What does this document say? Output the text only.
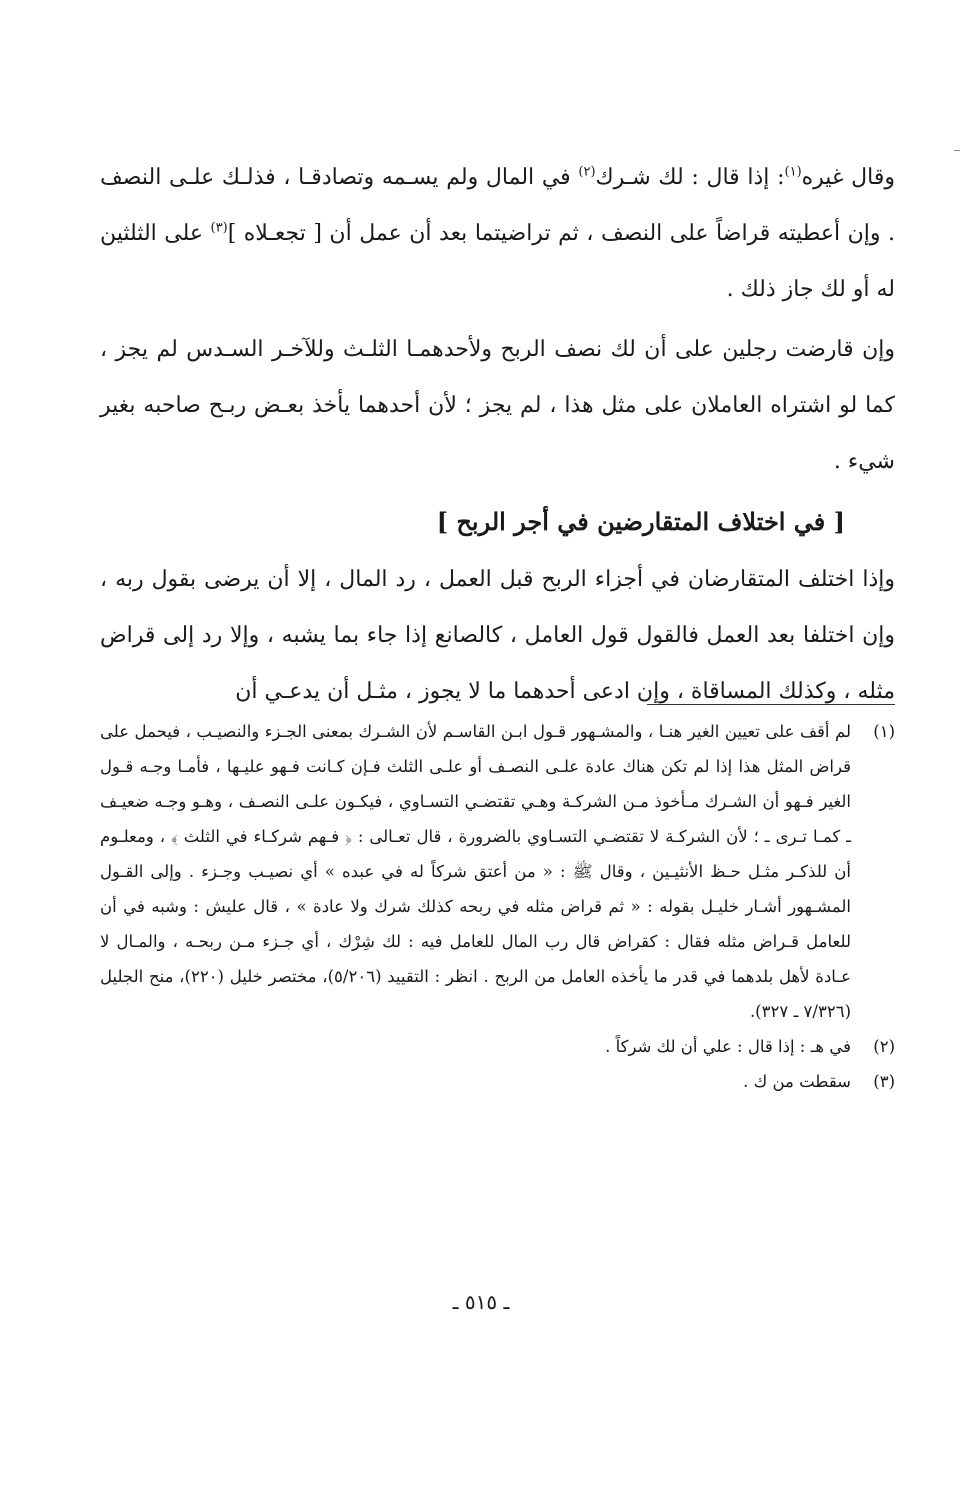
وقال غيره$^{(١)}$: إذا قال : لك شـرك$^{(٢)}$ في المال ولم يسـمه وتصادقـا ، فذلـك علـى النصف . وإن أعطيته قراضاً على النصف ، ثم تراضيتما بعد أن عمل أن [ تجعـلاه ]$^{(٣)}$ على الثلثين له أو لك جاز ذلك .

وإن قارضت رجلين على أن لك نصف الربح ولأحدهمـا الثلـث وللآخـر السـدس لم يجز ، كما لو اشتراه العاملان على مثل هذا ، لم يجز ؛ لأن أحدهما يأخذ بعـض ربـح صاحبه بغير شيء .

[ في اختلاف المتقارضين في أجر الربح ]

وإذا اختلف المتقارضان في أجزاء الربح قبل العمل ، رد المال ، إلا أن يرضى بقول ربه ، وإن اختلفا بعد العمل فالقول قول العامل ، كالصانع إذا جاء بما يشبه ، وإلا رد إلى قراض مثله ، وكذلك المساقاة ، وإن ادعى أحدهما ما لا يجوز ، مثـل أن يدعـي أن

(١)
لم أقف على تعيين الغير هنـا ، والمشـهور قـول ابـن القاسـم لأن الشـرك بمعنى الجـزء والنصيـب ، فيحمل على قراض المثل هذا إذا لم تكن هناك عادة علـى النصـف أو علـى الثلث فـإن كـانت فـهو عليـها ، فأمـا وجـه قـول الغير فـهو أن الشـرك مـأخوذ مـن الشركـة وهـي تقتضـي التسـاوي ، فيكـون علـى النصـف ، وهـو وجـه ضعيـف ـ كمـا تـرى ـ ؛ لأن الشركـة لا تقتضـي التسـاوي بالضرورة ، قال تعـالى : ﴿ فـهم شركـاء في الثلث ﴾ ، ومعلـوم أن للذكـر مثـل حـظ الأنثيـين ، وقال ﷺ : « من أعتق شركاً له في عبده » أي نصيـب وجـزء . وإلى القـول المشـهور أشـار خليـل بقوله : « ثم قراض مثله في ربحه كذلك شرك ولا عادة » ، قال عليش : وشبه في أن للعامل قـراض مثله فقال : كقراض قال رب المال للعامل فيه : لك شِرْك ، أي جـزء مـن ربحـه ، والمـال لا عـادة لأهل بلدهما في قدر ما يأخذه العامل من الربح . انظر : التقييد (٥/٢٠٦)، مختصر خليل (٢٢٠)، منح الجليل (٧/٣٢٦ ـ ٣٢٧).
(٢)
في هـ : إذا قال : علي أن لك شركاً .
(٣)
سقطت من ك .
ـ ٥١٥ ـ
